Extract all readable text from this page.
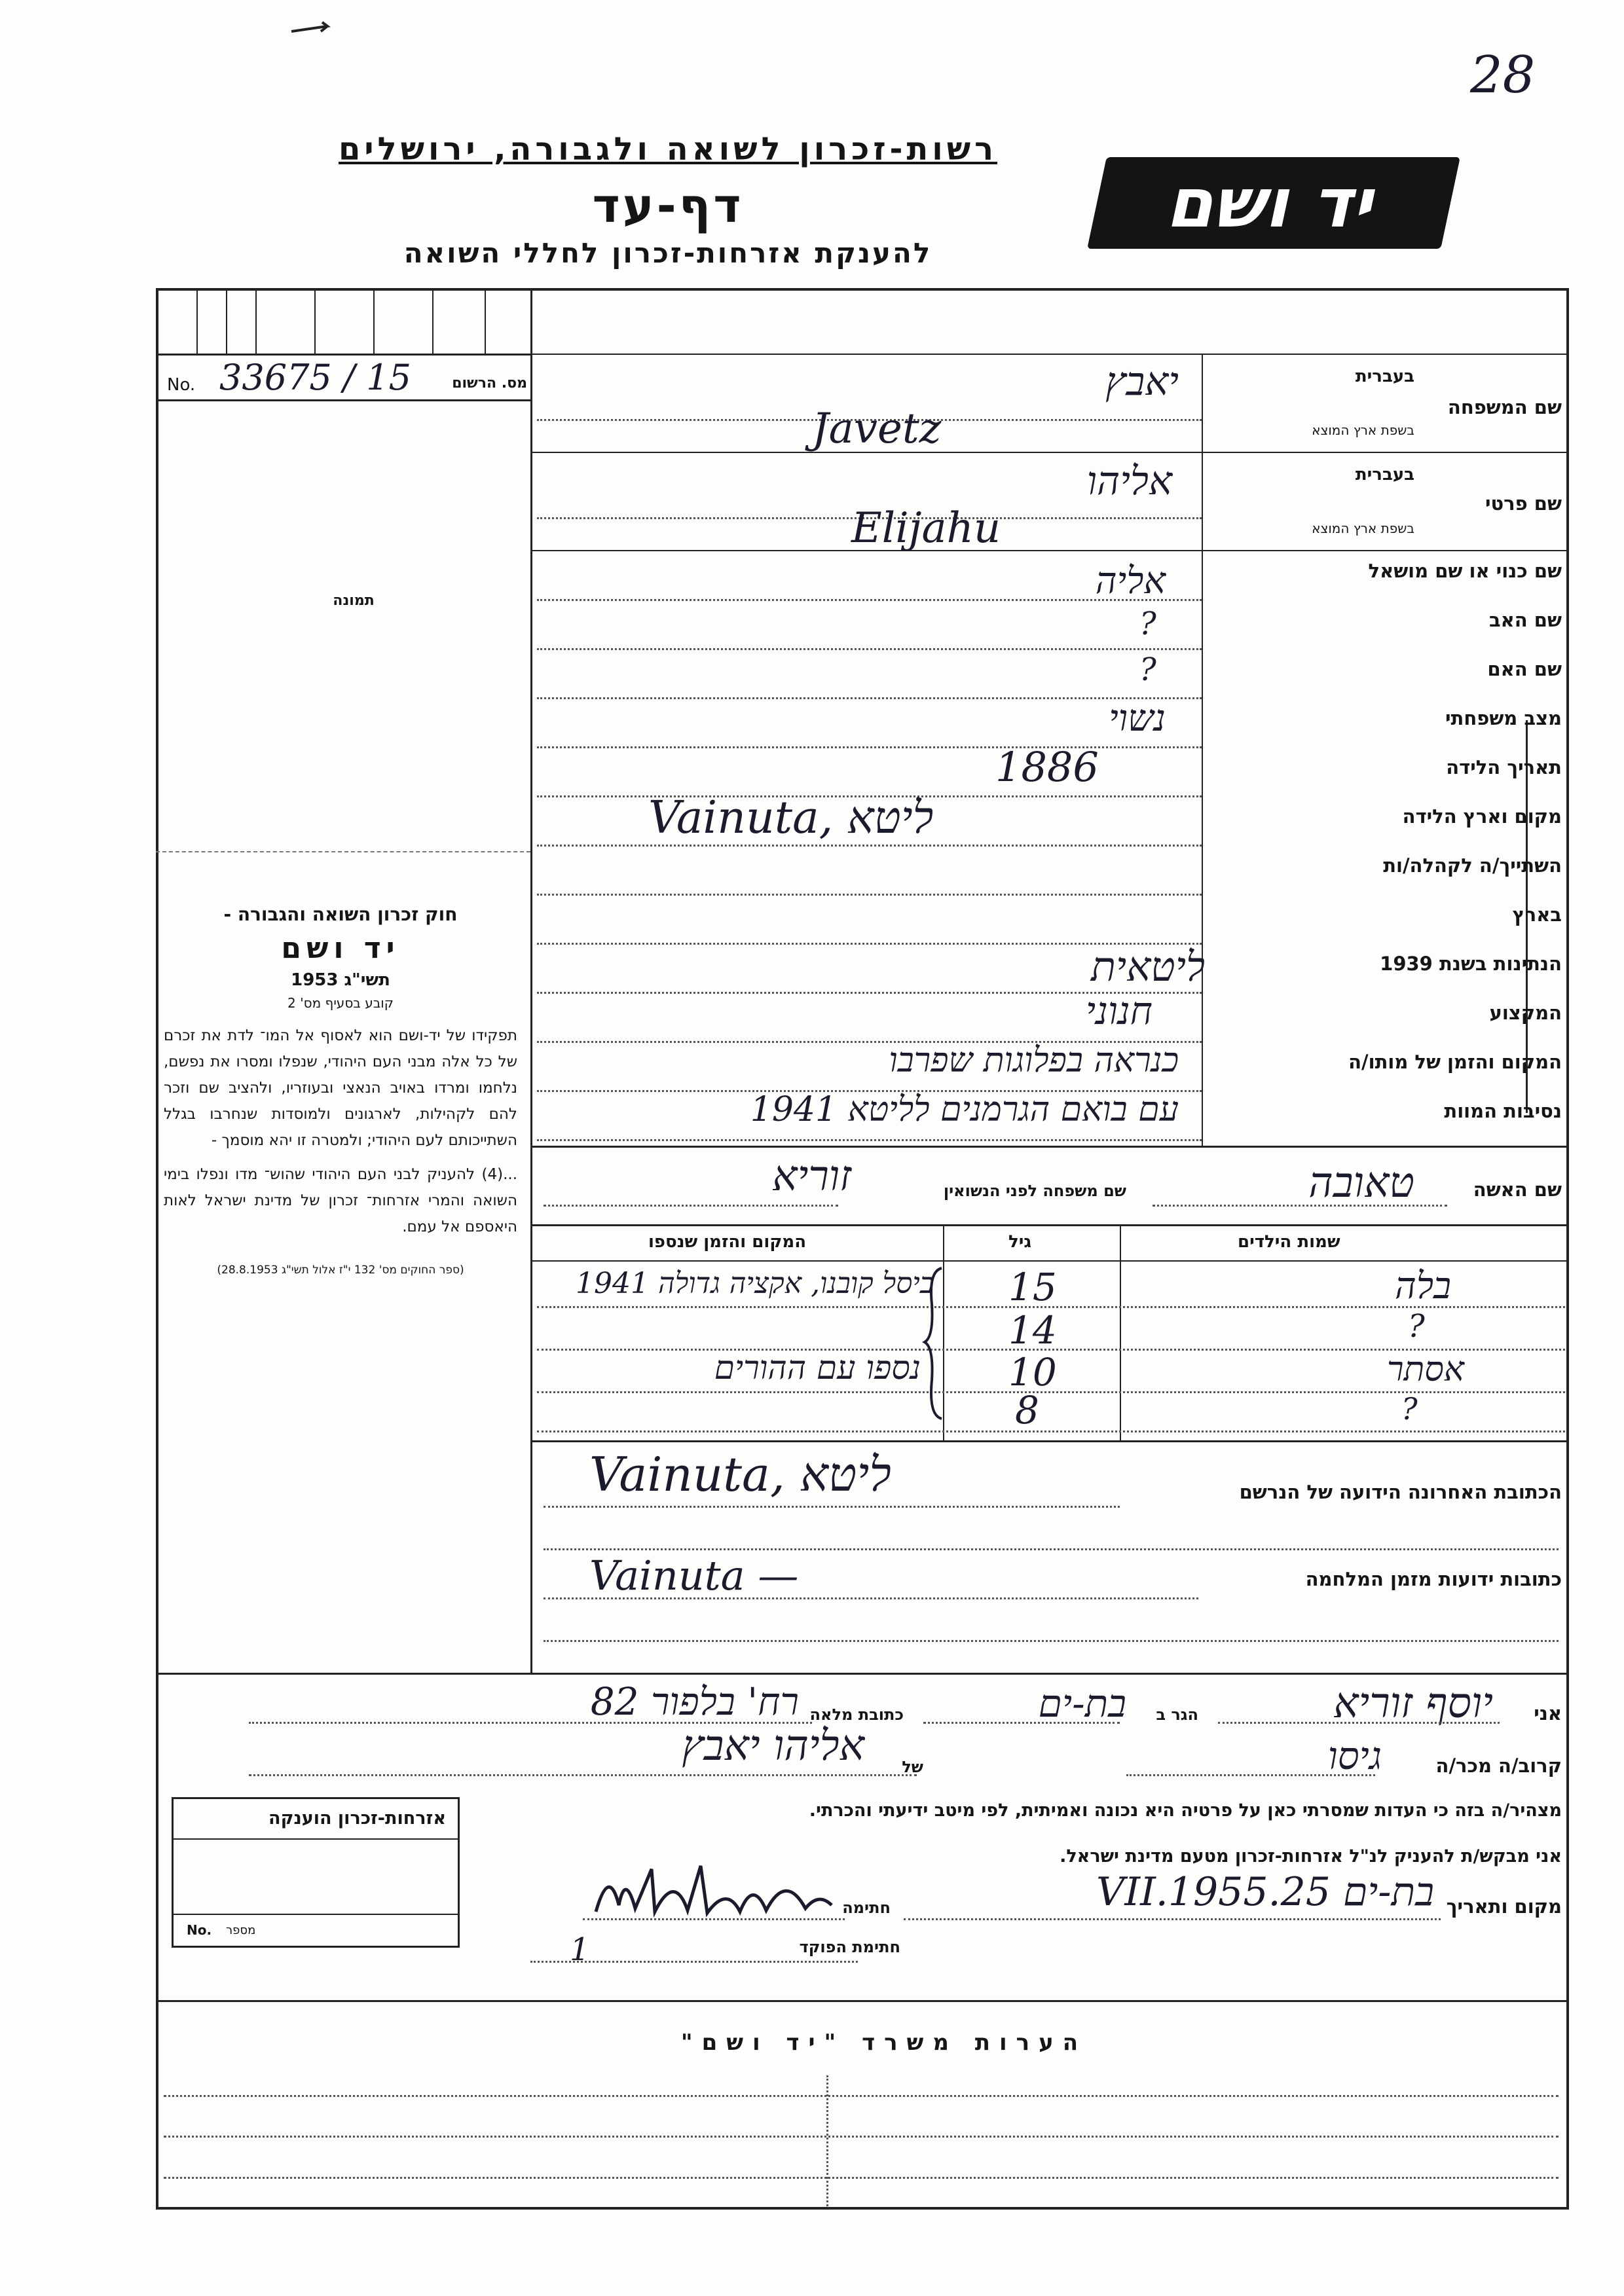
28
רשות-זכרון לשואה ולגבורה, ירושלים
דף-עד
להענקת אזרחות-זכרון לחללי השואה
יד ושם
No. 33675 / 15	מס. הרשום
תמונה
חוק זכרון השואה והגבורה -
יד ושם
תשי"ג 1953
קובע בסעיף מס' 2
תפקידו של יד-ושם הוא לאסוף אל המו־ לדת את זכרם של כל אלה מבני העם היהודי, שנפלו ומסרו את נפשם, נלחמו ומרדו באויב הנאצי ובעוזריו, ולהציב שם וזכר להם לקהילות, לארגונים ולמוסדות שנחרבו בגלל השתייכותם לעם היהודי; ולמטרה זו יהא מוסמך -
...(4) להעניק לבני העם היהודי שהוש־ מדו ונפלו בימי השואה והמרי אזרחות־ זכרון של מדינת ישראל לאות היאספם אל עמם.
(ספר החוקים מס' 132 י"ז אלול תשי"ג 28.8.1953)
שם המשפחה
בעברית
בשפת ארץ המוצא
שם פרטי
בעברית
בשפת ארץ המוצא
שם כנוי או שם מושאל
שם האב
שם האם
מצב משפחתי
תאריך הלידה
מקום וארץ הלידה
השתייך/ה לקהלה/ות
בארץ
הנתינות בשנת 1939
המקצוע
המקום והזמן של מותו/ה
נסיבות המוות
יאבץ
Javetz
אליהו
Elijahu
אליה
?
?
נשוי
1886
Vainuta, ליטא
ליטאית
חנוני
כנראה בפלוגות שפרבו
עם בואם הגרמנים לליטא 1941
שם האשה
טאובה
שם משפחה לפני הנשואין
זוריא
שמות הילדים
גיל
המקום והזמן שנספו
בלה
15
ביסל קובנו, אקציה גדולה 1941
?
14
אסתר
10
נספו עם ההורים
?
8
הכתובת האחרונה הידועה של הנרשם
Vainuta, ליטא
כתובות ידועות מזמן המלחמה
Vainuta —
אני
יוסף זוריא
הגר ב
בת-ים
כתובת מלאה
רח' בלפור 82
קרוב/ה מכר/ה
גיסו
של
אליהו יאבץ
מצהיר/ה בזה כי העדות שמסרתי כאן על פרטיה היא נכונה ואמיתית, לפי מיטב ידיעתי והכרתי.
אני מבקש/ת להעניק לנ"ל אזרחות-זכרון מטעם מדינת ישראל.
מקום ותאריך
בת-ים 25.VII.1955
חתימה
חתימת הפוקד
1
אזרחות-זכרון הוענקה
No. מספר
הערות משרד "יד ושם"
